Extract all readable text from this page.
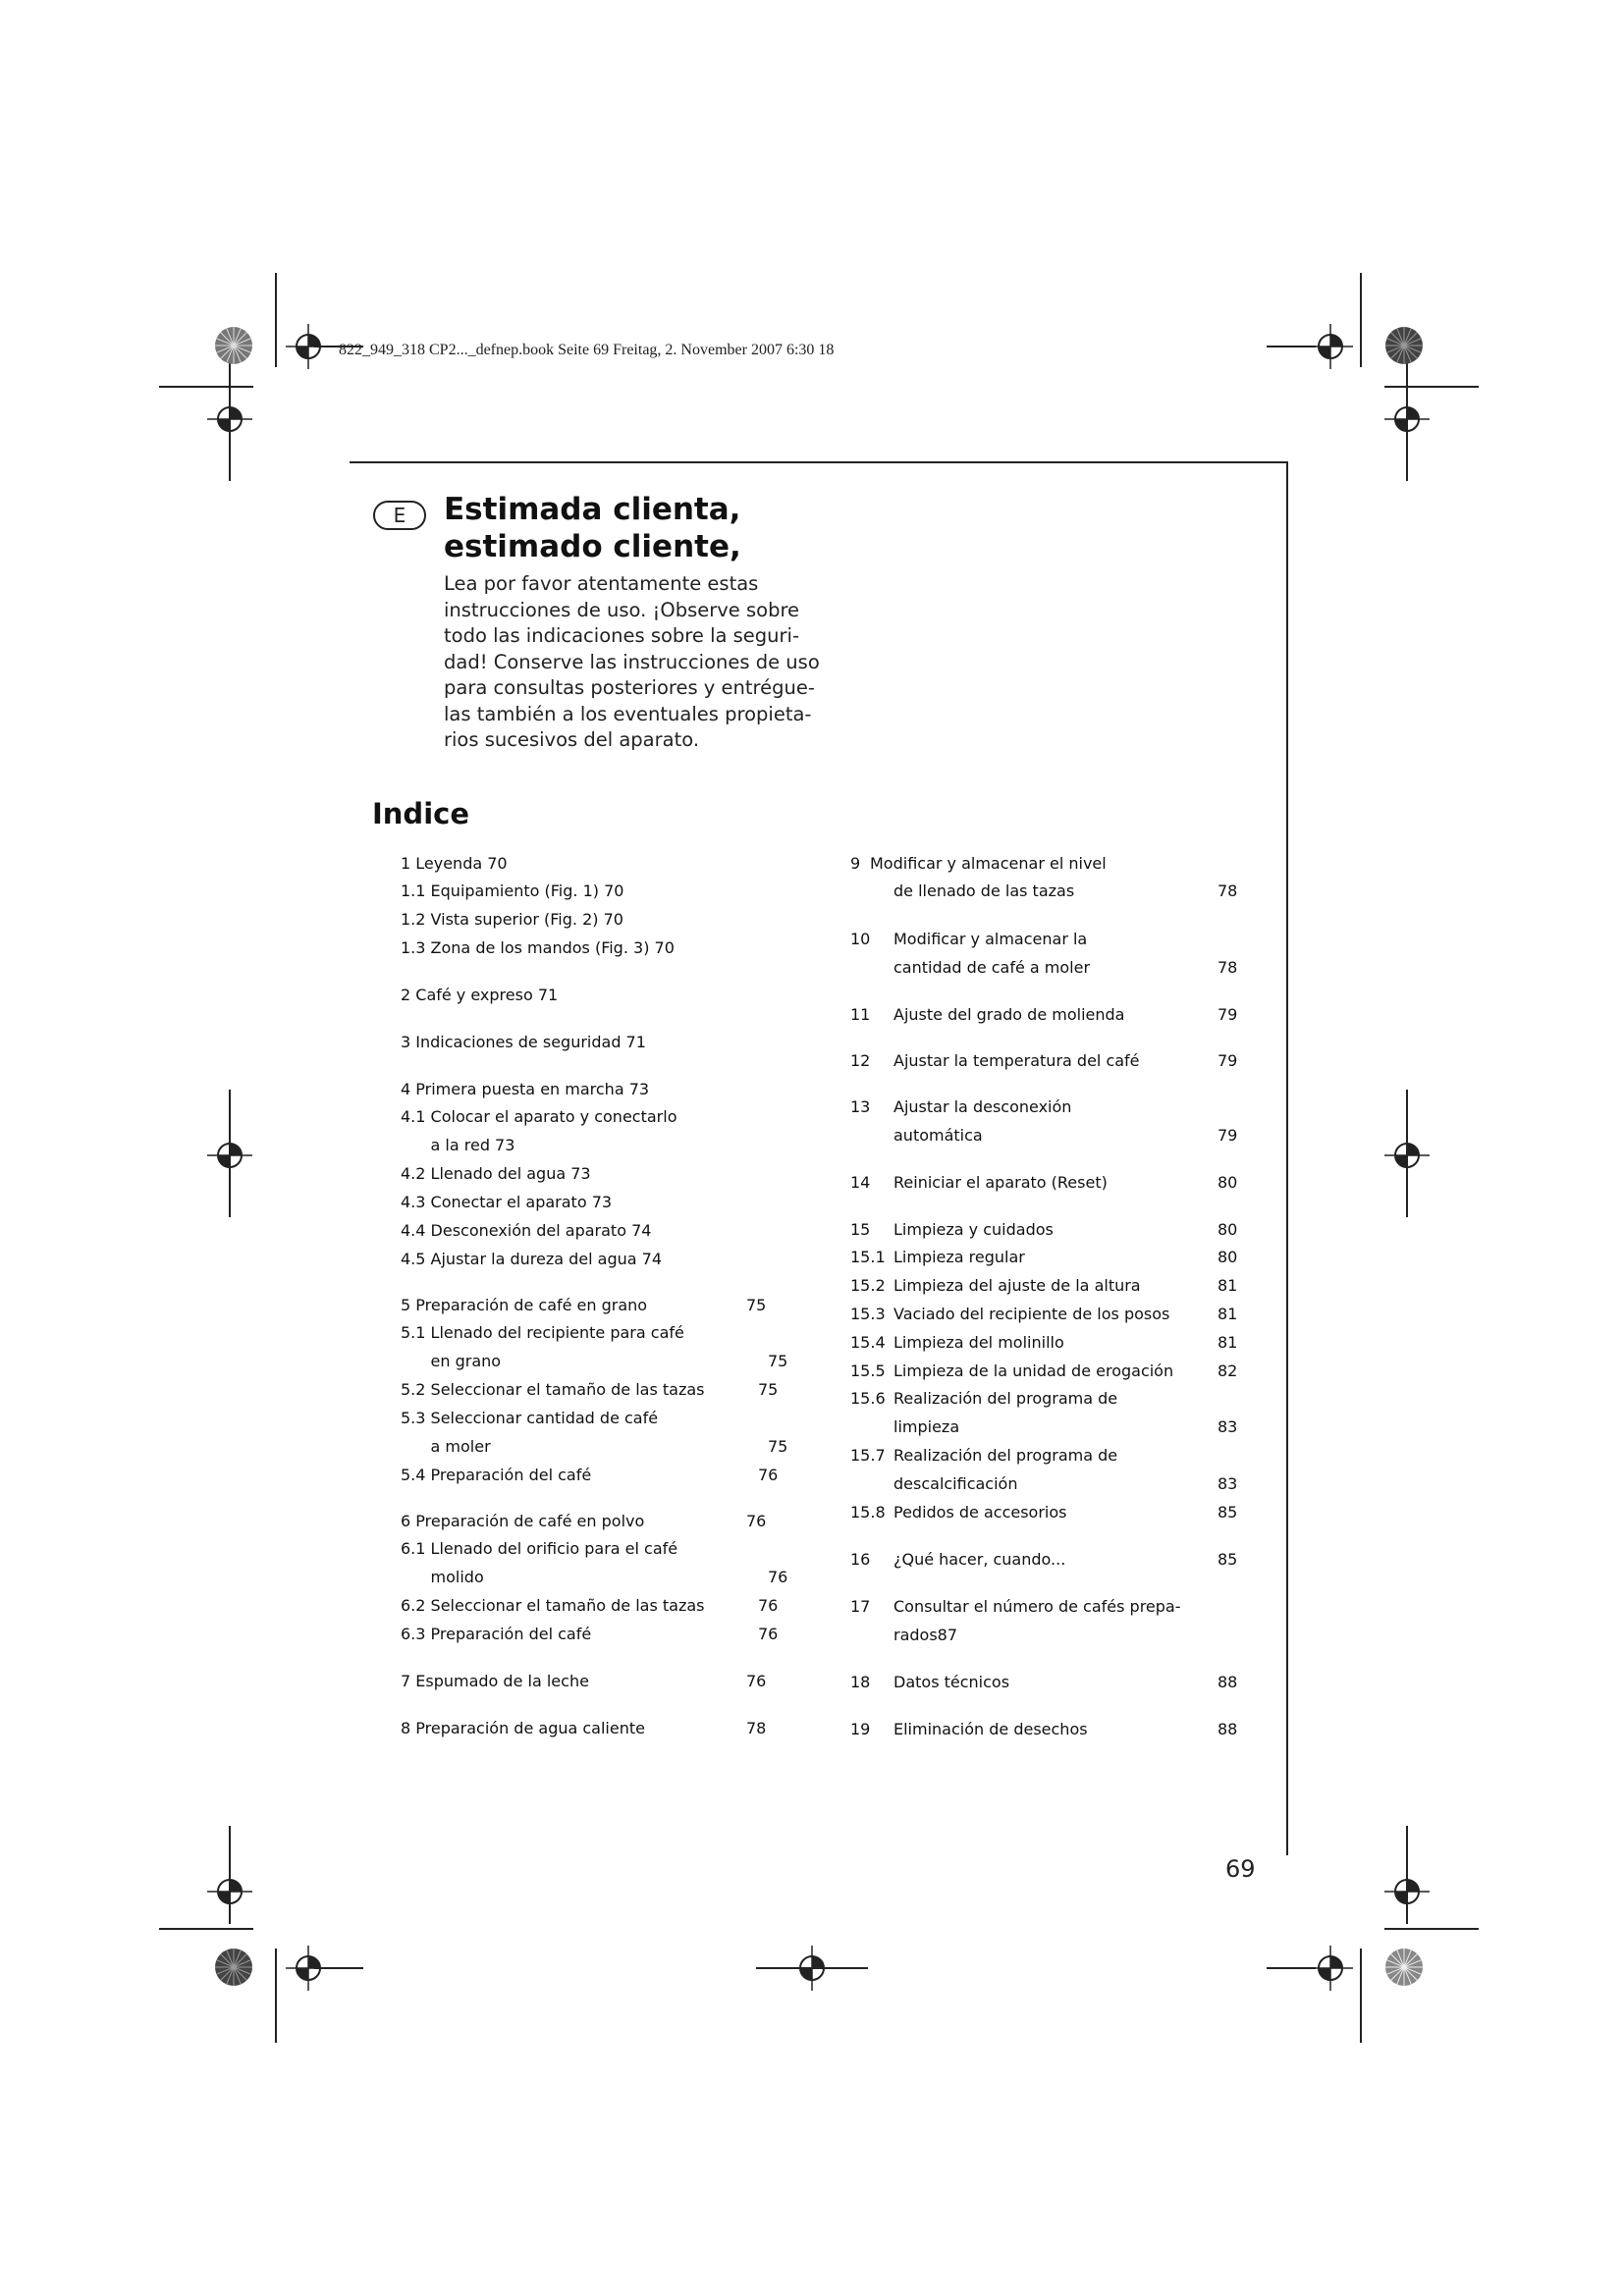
822_949_318 CP2..._defnep.book Seite 69 Freitag, 2. November 2007 6:30 18
E	Estimada clienta,
estimado cliente,
Lea por favor atentamente estas
instrucciones de uso. ¡Observe sobre
todo las indicaciones sobre la seguri-
dad! Conserve las instrucciones de uso
para consultas posteriores y entrégue-
las también a los eventuales propieta-
rios sucesivos del aparato.
Indice
69
1 Leyenda 70
1.1 Equipamiento (Fig. 1) 70
1.2 Vista superior (Fig. 2) 70
1.3 Zona de los mandos (Fig. 3) 70
2 Café y expreso 71
3 Indicaciones de seguridad 71
4 Primera puesta en marcha 73
4.1 Colocar el aparato y conectarlo
a la red 73
4.2 Llenado del agua 73
4.3 Conectar el aparato 73
4.4 Desconexión del aparato 74
4.5 Ajustar la dureza del agua 74
5 Preparación de café en grano	75
5.1 Llenado del recipiente para café
en grano	75
5.2 Seleccionar el tamaño de las tazas	75
5.3 Seleccionar cantidad de café
a moler	75
5.4 Preparación del café	76
6 Preparación de café en polvo	76
6.1 Llenado del orificio para el café
molido	76
6.2 Seleccionar el tamaño de las tazas	76
6.3 Preparación del café	76
7 Espumado de la leche	76
8 Preparación de agua caliente	78
9 Modificar y almacenar el nivel
de llenado de las tazas	78
10 Modificar y almacenar la
cantidad de café a moler	78
11 Ajuste del grado de molienda	79
12 Ajustar la temperatura del café	79
13 Ajustar la desconexión
automática	79
14 Reiniciar el aparato (Reset)	80
15 Limpieza y cuidados	80
15.1 Limpieza regular	80
15.2 Limpieza del ajuste de la altura	81
15.3 Vaciado del recipiente de los posos	81
15.4 Limpieza del molinillo	81
15.5 Limpieza de la unidad de erogación	82
15.6 Realización del programa de
limpieza	83
15.7 Realización del programa de
descalcificación	83
15.8 Pedidos de accesorios	85
16 ¿Qué hacer, cuando...	85
17 Consultar el número de cafés prepa-
rados87
18 Datos técnicos	88
19 Eliminación de desechos	88
